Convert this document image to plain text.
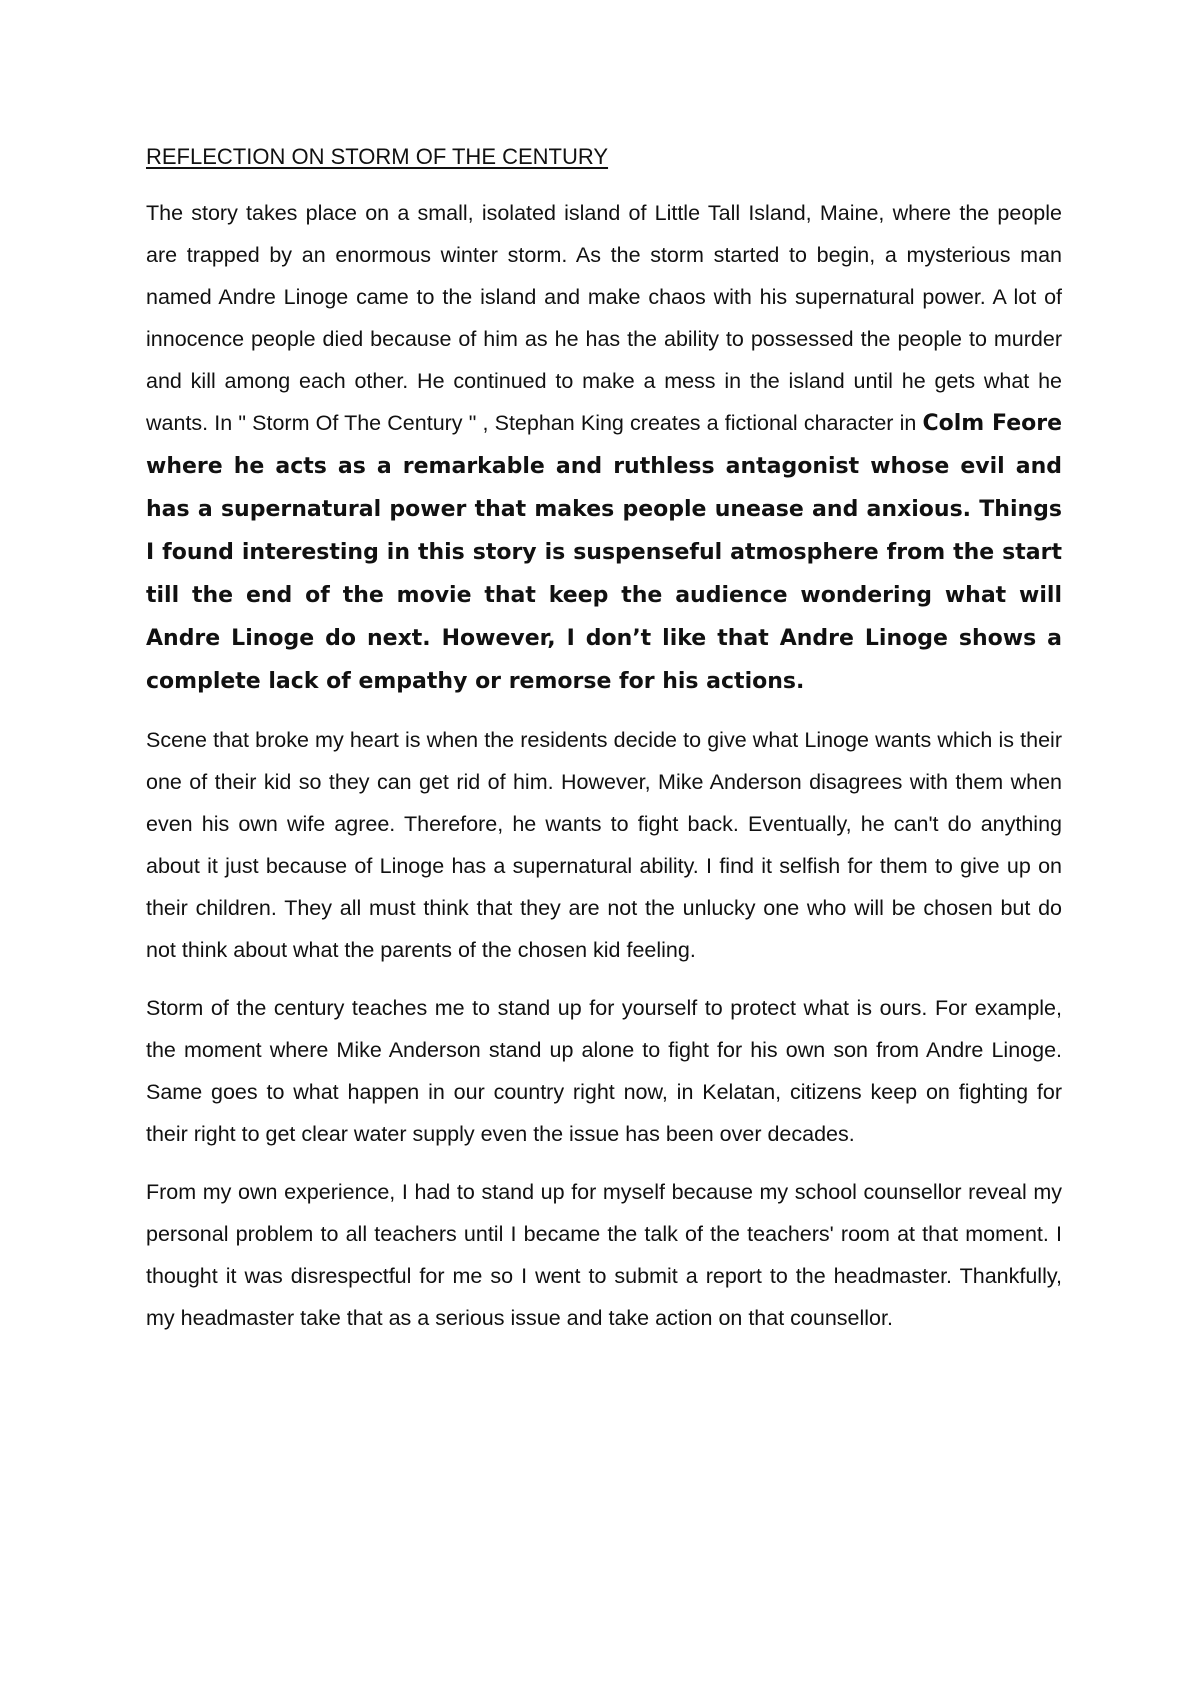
REFLECTION ON STORM OF THE CENTURY

The story takes place on a small, isolated island of Little Tall Island, Maine, where the people are trapped by an enormous winter storm. As the storm started to begin, a mysterious man named Andre Linoge came to the island and make chaos with his supernatural power. A lot of innocence people died because of him as he has the ability to possessed the people to murder and kill among each other. He continued to make a mess in the island until he gets what he wants. In " Storm Of The Century " , Stephan King creates a fictional character in Colm Feore where he acts as a remarkable and ruthless antagonist whose evil and has a supernatural power that makes people unease and anxious. Things I found interesting in this story is suspenseful atmosphere from the start till the end of the movie that keep the audience wondering what will Andre Linoge do next. However, I don’t like that Andre Linoge shows a complete lack of empathy or remorse for his actions.

Scene that broke my heart is when the residents decide to give what Linoge wants which is their one of their kid so they can get rid of him. However, Mike Anderson disagrees with them when even his own wife agree. Therefore, he wants to fight back. Eventually, he can't do anything about it just because of Linoge has a supernatural ability. I find it selfish for them to give up on their children. They all must think that they are not the unlucky one who will be chosen but do not think about what the parents of the chosen kid feeling.

Storm of the century teaches me to stand up for yourself to protect what is ours. For example, the moment where Mike Anderson stand up alone to fight for his own son from Andre Linoge. Same goes to what happen in our country right now, in Kelatan, citizens keep on fighting for their right to get clear water supply even the issue has been over decades.

From my own experience, I had to stand up for myself because my school counsellor reveal my personal problem to all teachers until I became the talk of the teachers' room at that moment. I thought it was disrespectful for me so I went to submit a report to the headmaster. Thankfully, my headmaster take that as a serious issue and take action on that counsellor.
